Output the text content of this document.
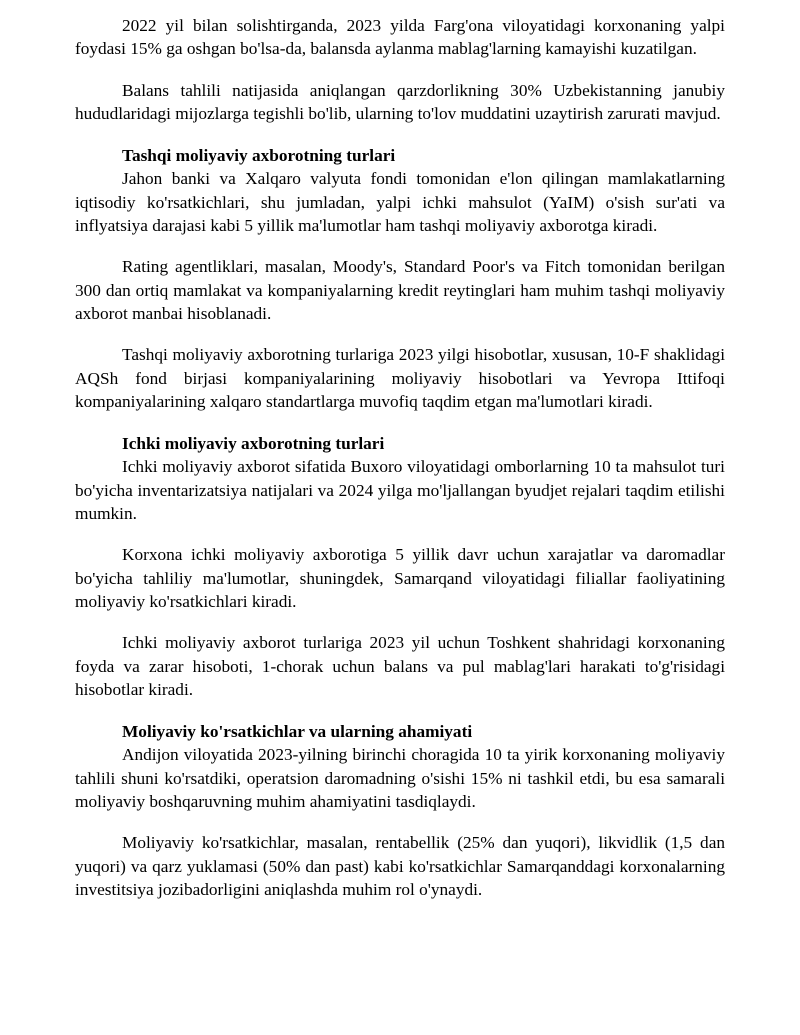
2022 yil bilan solishtirganda, 2023 yilda Farg'ona viloyatidagi korxonaning yalpi foydasi 15% ga oshgan bo'lsa-da, balansda aylanma mablag'larning kamayishi kuzatilgan.

Balans tahlili natijasida aniqlangan qarzdorlikning 30% Uzbekistanning janubiy hududlaridagi mijozlarga tegishli bo'lib, ularning to'lov muddatini uzaytirish zarurati mavjud.

Tashqi moliyaviy axborotning turlari

Jahon banki va Xalqaro valyuta fondi tomonidan e'lon qilingan mamlakatlarning iqtisodiy ko'rsatkichlari, shu jumladan, yalpi ichki mahsulot (YaIM) o'sish sur'ati va inflyatsiya darajasi kabi 5 yillik ma'lumotlar ham tashqi moliyaviy axborotga kiradi.

Rating agentliklari, masalan, Moody's, Standard Poor's va Fitch tomonidan berilgan 300 dan ortiq mamlakat va kompaniyalarning kredit reytinglari ham muhim tashqi moliyaviy axborot manbai hisoblanadi.

Tashqi moliyaviy axborotning turlariga 2023 yilgi hisobotlar, xususan, 10-F shaklidagi AQSh fond birjasi kompaniyalarining moliyaviy hisobotlari va Yevropa Ittifoqi kompaniyalarining xalqaro standartlarga muvofiq taqdim etgan ma'lumotlari kiradi.

Ichki moliyaviy axborotning turlari

Ichki moliyaviy axborot sifatida Buxoro viloyatidagi omborlarning 10 ta mahsulot turi bo'yicha inventarizatsiya natijalari va 2024 yilga mo'ljallangan byudjet rejalari taqdim etilishi mumkin.

Korxona ichki moliyaviy axborotiga 5 yillik davr uchun xarajatlar va daromadlar bo'yicha tahliliy ma'lumotlar, shuningdek, Samarqand viloyatidagi filiallar faoliyatining moliyaviy ko'rsatkichlari kiradi.

Ichki moliyaviy axborot turlariga 2023 yil uchun Toshkent shahridagi korxonaning foyda va zarar hisoboti, 1-chorak uchun balans va pul mablag'lari harakati to'g'risidagi hisobotlar kiradi.

Moliyaviy ko'rsatkichlar va ularning ahamiyati

Andijon viloyatida 2023-yilning birinchi choragida 10 ta yirik korxonaning moliyaviy tahlili shuni ko'rsatdiki, operatsion daromadning o'sishi 15% ni tashkil etdi, bu esa samarali moliyaviy boshqaruvning muhim ahamiyatini tasdiqlaydi.

Moliyaviy ko'rsatkichlar, masalan, rentabellik (25% dan yuqori), likvidlik (1,5 dan yuqori) va qarz yuklamasi (50% dan past) kabi ko'rsatkichlar Samarqanddagi korxonalarning investitsiya jozibadorligini aniqlashda muhim rol o'ynaydi.
